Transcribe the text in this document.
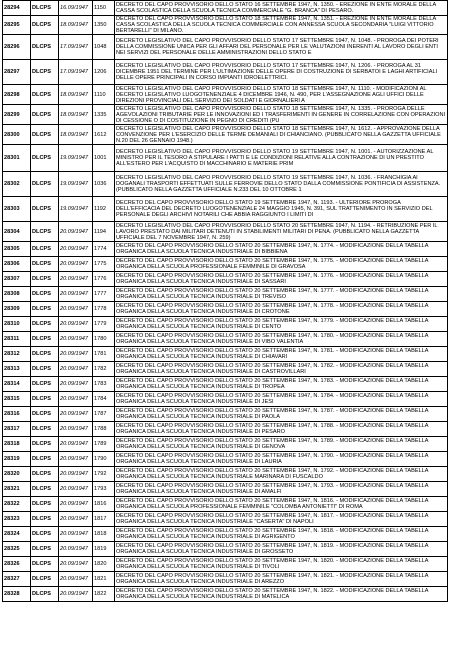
28294	DLCPS	16.09/1947	1150	DECRETO DEL CAPO PROVVISORIO DELLO STATO 16 SETTEMBRE 1947, N. 1350. - EREZIONE IN ENTE MORALE DELLA CASSA SCOLASTICA DELLA SCUOLA TECNICA COMMERCIALE "G. BRANCA" DI PESARO.
28295	DLCPS	18.09/1947	1350	DECRETO DEL CAPO PROVVISORIO DELLO STATO 18 SETTEMBRE 1947, N. 1351. - EREZIONE IN ENTE MORALE DELLA CASSA SCOLASTICA DELLA SCUOLA TECNICA COMMERCIALE CON ANNESSA SCUOLA SECONDARIA "LUIGI VITTORIO BERTARELLI" DI MILANO.
28296	DLCPS	17.09/1947	1048	DECRETO LEGISLATIVO DEL CAPO PROVVISORIO DELLO STATO 17 SETTEMBRE 1947, N. 1048. - PROROGA DEI POTERI DELLA COMMISSIONE UNICA PER GLI AFFARI DEL PERSONALE PER LE VALUTAZIONI INERENTI AL LAVORO DEGLI ENTI NEI SERVIZI DEL PERSONALE DELLE AMMINISTRAZIONI DELLO STATO E
28297	DLCPS	17.09/1947	1206	DECRETO LEGISLATIVO DEL CAPO PROVVISORIO DELLO STATO 17 SETTEMBRE 1947, N. 1206. - PROROGA AL 31 DICEMBRE 1951 DEL TERMINE PER L'ULTIMAZIONE DELLE OPERE DI COSTRUZIONE DI SERBATOI E LAGHI ARTIFICIALI DELLE OPERE PRINCIPALI IN CORSO IMPIANTI IDROELETTRICI.
28298	DLCPS	18.09/1947	1110	DECRETO LEGISLATIVO DEL CAPO PROVVISORIO DELLO STATO 18 SETTEMBRE 1947, N. 1110. - MODIFICAZIONI AL DECRETO LEGISLATIVO LUOGOTENENZIALE 4 DICEMBRE 1946, N. 490, PER L'ASSEGNAZIONE AGLI UFFICI DELLE DIREZIONI PROVINCIALI DEL SERVIZIO DEI SOLDATI E GIORNALIERI A
28299	DLCPS	18.09/1947	1335	DECRETO LEGISLATIVO DEL CAPO PROVVISORIO DELLO STATO 18 SETTEMBRE 1947, N. 1335. - PROROGA DELLE AGEVOLAZIONI TRIBUTARIE PER LE INNOVAZIONI ED I TRASFERIMENTI IN GENERE IN CORRELAZIONE CON OPERAZIONI DI CESSIONE O DI COSTITUZIONE IN PEGNO DI CREDITI (PU
28300	DLCPS	18.09/1947	1612	DECRETO LEGISLATIVO DEL CAPO PROVVISORIO DELLO STATO 18 SETTEMBRE 1947, N. 1612. - APPROVAZIONE DELLA CONVENZIONE PER L'ESERCIZIO DELLE TERME DEMANIALI DI CHIANCIANO. (PUBBLICATO NELLA GAZZETTA UFFICIALE N.20 DEL 26 GENNAIO 1948.)
28301	DLCPS	19.09/1947	1001	DECRETO LEGISLATIVO DEL CAPO PROVVISORIO DELLO STATO 19 SETTEMBRE 1947, N. 1001. - AUTORIZZAZIONE AL MINISTRO PER IL TESORO A STIPULARE I PATTI E LE CONDIZIONI RELATIVE ALLA CONTRAZIONE DI UN PRESTITO ALL'ESTERO PER L'ACQUISTO DI MACCHINARIO E MATERIE PRIM
28302	DLCPS	19.09/1947	1036	DECRETO LEGISLATIVO DEL CAPO PROVVISORIO DELLO STATO 19 SETTEMBRE 1947, N. 1036. - FRANCHIGIA AI DOGANALI TRASPORTI EFFETTUATI SULLE FERROVIE DELLO STATO DALLA COMMISSIONE PONTIFICIA DI ASSISTENZA. (PUBBLICATO NELLA GAZZETTA UFFICIALE N.233 DEL 10 OTTOBRE 1
28303	DLCPS	19.09/1947	1192	DECRETO DEL CAPO PROVVISORIO DELLO STATO 19 SETTEMBRE 1947, N. 1193. - ULTERIORE PROROGA DELL'EFFICACIA DEL DECRETO LUOGOTENENZIALE 24 MAGGIO 1945, N. 391, SUL TRATTENIMENTO IN SERVIZIO DEL PERSONALE DEGLI ARCHIVI NOTARILI CHE ABBIA RAGGIUNTO I LIMITI DI
28304	DLCPS	20.09/1947	1194	DECRETO LEGISLATIVO DEL CAPO PROVVISORIO DELLO STATO 20 SETTEMBRE 1947, N. 1194. - RETRIBUZIONE PER IL LAVORO PRESTATO DAI MILITARI DETENUTI IN STABILIMENTI MILITARI DI PENA. (PUBBLICATO NELLA GAZZETTA UFFICIALE DEL 7 NOVEMBRE 1947, N. 259)
28305	DLCPS	20.09/1947	1774	DECRETO DEL CAPO PROVVISORIO DELLO STATO 20 SETTEMBRE 1947, N. 1774. - MODIFICAZIONE DELLA TABELLA ORGANICA DELLA SCUOLA TECNICA INDUSTRIALE DI BIBBIENA
28306	DLCPS	20.09/1947	1775	DECRETO DEL CAPO PROVVISORIO DELLO STATO 20 SETTEMBRE 1947, N. 1775. - MODIFICAZIONE DELLA TABELLA ORGANICA DELLA SCUOLA PROFESSIONALE FEMMINILE DI GRAVOSA
28307	DLCPS	20.09/1947	1776	DECRETO DEL CAPO PROVVISORIO DELLO STATO 20 SETTEMBRE 1947, N. 1776. - MODIFICAZIONE DELLA TABELLA ORGANICA DELLA SCUOLA TECNICA INDUSTRIALE DI SASSARI
28308	DLCPS	20.09/1947	1777	DECRETO DEL CAPO PROVVISORIO DELLO STATO 20 SETTEMBRE 1947, N. 1777. - MODIFICAZIONE DELLA TABELLA ORGANICA DELLA SCUOLA TECNICA INDUSTRIALE DI TREVISO
28309	DLCPS	20.09/1947	1778	DECRETO DEL CAPO PROVVISORIO DELLO STATO 20 SETTEMBRE 1947, N. 1778. - MODIFICAZIONE DELLA TABELLA ORGANICA DELLA SCUOLA TECNICA INDUSTRIALE DI CROTONE
28310	DLCPS	20.09/1947	1779	DECRETO DEL CAPO PROVVISORIO DELLO STATO 20 SETTEMBRE 1947, N. 1779. - MODIFICAZIONE DELLA TABELLA ORGANICA DELLA SCUOLA TECNICA INDUSTRIALE DI CENTO
28311	DLCPS	20.09/1947	1780	DECRETO DEL CAPO PROVVISORIO DELLO STATO 20 SETTEMBRE 1947, N. 1780. - MODIFICAZIONE DELLA TABELLA ORGANICA DELLA SCUOLA TECNICA INDUSTRIALE DI VIBO VALENTIA
28312	DLCPS	20.09/1947	1781	DECRETO DEL CAPO PROVVISORIO DELLO STATO 20 SETTEMBRE 1947, N. 1781. - MODIFICAZIONE DELLA TABELLA ORGANICA DELLA SCUOLA TECNICA INDUSTRIALE DI CHIAVARI
28313	DLCPS	20.09/1947	1782	DECRETO DEL CAPO PROVVISORIO DELLO STATO 20 SETTEMBRE 1947, N. 1782. - MODIFICAZIONE DELLA TABELLA ORGANICA DELLA SCUOLA TECNICA INDUSTRIALE DI CASTROVILLARI
28314	DLCPS	20.09/1947	1783	DECRETO DEL CAPO PROVVISORIO DELLO STATO 20 SETTEMBRE 1947, N. 1783. - MODIFICAZIONE DELLA TABELLA ORGANICA DELLA SCUOLA TECNICA INDUSTRIALE DI TROPEA
28315	DLCPS	20.09/1947	1784	DECRETO DEL CAPO PROVVISORIO DELLO STATO 20 SETTEMBRE 1947, N. 1784. - MODIFICAZIONE DELLA TABELLA ORGANICA DELLA SCUOLA TECNICA INDUSTRIALE DI JESI
28316	DLCPS	20.09/1947	1787	DECRETO DEL CAPO PROVVISORIO DELLO STATO 20 SETTEMBRE 1947, N. 1787. - MODIFICAZIONE DELLA TABELLA ORGANICA DELLA SCUOLA TECNICA INDUSTRIALE DI PAOLA
28317	DLCPS	20.09/1947	1788	DECRETO DEL CAPO PROVVISORIO DELLO STATO 20 SETTEMBRE 1947, N. 1788. - MODIFICAZIONE DELLA TABELLA ORGANICA DELLA SCUOLA TECNICA INDUSTRIALE DI PESARO
28318	DLCPS	20.09/1947	1789	DECRETO DEL CAPO PROVVISORIO DELLO STATO 20 SETTEMBRE 1947, N. 1789. - MODIFICAZIONE DELLA TABELLA ORGANICA DELLA SCUOLA TECNICA INDUSTRIALE DI GENOVA
28319	DLCPS	20.09/1947	1790	DECRETO DEL CAPO PROVVISORIO DELLO STATO 20 SETTEMBRE 1947, N. 1790. - MODIFICAZIONE DELLA TABELLA ORGANICA DELLA SCUOLA TECNICA INDUSTRIALE DI LAURIA
28320	DLCPS	20.09/1947	1792	DECRETO DEL CAPO PROVVISORIO DELLO STATO 20 SETTEMBRE 1947, N. 1792. - MODIFICAZIONE DELLA TABELLA ORGANICA DELLA SCUOLA TECNICA INDUSTRIALE MARINARA DI FUSCALDO
28321	DLCPS	20.09/1947	1793	DECRETO DEL CAPO PROVVISORIO DELLO STATO 20 SETTEMBRE 1947, N. 1793. - MODIFICAZIONE DELLA TABELLA ORGANICA DELLA SCUOLA TECNICA INDUSTRIALE DI AMALFI
28322	DLCPS	20.09/1947	1816	DECRETO DEL CAPO PROVVISORIO DELLO STATO 20 SETTEMBRE 1947, N. 1816. - MODIFICAZIONE DELLA TABELLA ORGANICA DELLA SCUOLA PROFESSIONALE FEMMINILE "COLOMBA ANTONIETTI" DI ROMA
28323	DLCPS	20.09/1947	1817	DECRETO DEL CAPO PROVVISORIO DELLO STATO 20 SETTEMBRE 1947, N. 1817. - MODIFICAZIONE DELLA TABELLA ORGANICA DELLA SCUOLA TECNICA INDUSTRIALE "CASERTA" DI NAPOLI
28324	DLCPS	20.09/1947	1818	DECRETO DEL CAPO PROVVISORIO DELLO STATO 20 SETTEMBRE 1947, N. 1818. - MODIFICAZIONE DELLA TABELLA ORGANICA DELLA SCUOLA TECNICA INDUSTRIALE DI AGRIGENTO
28325	DLCPS	20.09/1947	1819	DECRETO DEL CAPO PROVVISORIO DELLO STATO 20 SETTEMBRE 1947, N. 1819. - MODIFICAZIONE DELLA TABELLA ORGANICA DELLA SCUOLA TECNICA INDUSTRIALE DI GROSSETO
28326	DLCPS	20.09/1947	1820	DECRETO DEL CAPO PROVVISORIO DELLO STATO 20 SETTEMBRE 1947, N. 1820. - MODIFICAZIONE DELLA TABELLA ORGANICA DELLA SCUOLA TECNICA INDUSTRIALE DI TIVOLI
28327	DLCPS	20.09/1947	1821	DECRETO DEL CAPO PROVVISORIO DELLO STATO 20 SETTEMBRE 1947, N. 1821. - MODIFICAZIONE DELLA TABELLA ORGANICA DELLA SCUOLA TECNICA INDUSTRIALE DI AREZZO
28328	DLCPS	20.09/1947	1822	DECRETO DEL CAPO PROVVISORIO DELLO STATO 20 SETTEMBRE 1947, N. 1822. - MODIFICAZIONE DELLA TABELLA ORGANICA DELLA SCUOLA TECNICA INDUSTRIALE DI MATELICA
